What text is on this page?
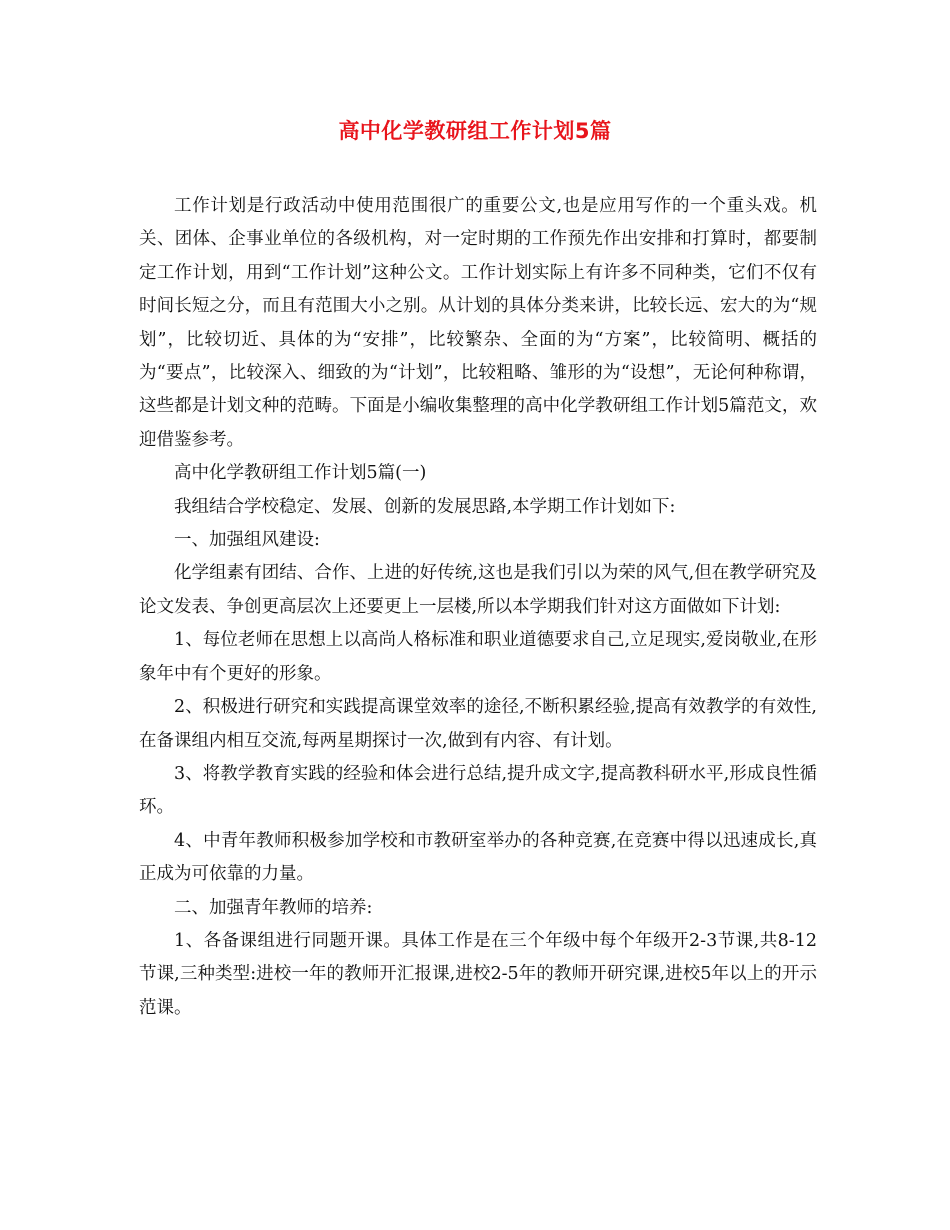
高中化学教研组工作计划5篇

工作计划是行政活动中使用范围很广的重要公文,也是应用写作的一个重头戏。机关、团体、企事业单位的各级机构，对一定时期的工作预先作出安排和打算时，都要制定工作计划，用到“工作计划”这种公文。工作计划实际上有许多不同种类，它们不仅有时间长短之分，而且有范围大小之别。从计划的具体分类来讲，比较长远、宏大的为“规划”，比较切近、具体的为“安排”，比较繁杂、全面的为“方案”，比较简明、概括的为“要点”，比较深入、细致的为“计划”，比较粗略、雏形的为“设想”，无论何种称谓，这些都是计划文种的范畴。下面是小编收集整理的高中化学教研组工作计划5篇范文，欢迎借鉴参考。

高中化学教研组工作计划5篇(一)

我组结合学校稳定、发展、创新的发展思路,本学期工作计划如下:

一、加强组风建设:

化学组素有团结、合作、上进的好传统,这也是我们引以为荣的风气,但在教学研究及论文发表、争创更高层次上还要更上一层楼,所以本学期我们针对这方面做如下计划:

1、每位老师在思想上以高尚人格标准和职业道德要求自己,立足现实,爱岗敬业,在形象年中有个更好的形象。

2、积极进行研究和实践提高课堂效率的途径,不断积累经验,提高有效教学的有效性,在备课组内相互交流,每两星期探讨一次,做到有内容、有计划。

3、将教学教育实践的经验和体会进行总结,提升成文字,提高教科研水平,形成良性循环。

4、中青年教师积极参加学校和市教研室举办的各种竞赛,在竞赛中得以迅速成长,真正成为可依靠的力量。

二、加强青年教师的培养:

1、各备课组进行同题开课。具体工作是在三个年级中每个年级开2-3节课,共8-12节课,三种类型:进校一年的教师开汇报课,进校2-5年的教师开研究课,进校5年以上的开示范课。
